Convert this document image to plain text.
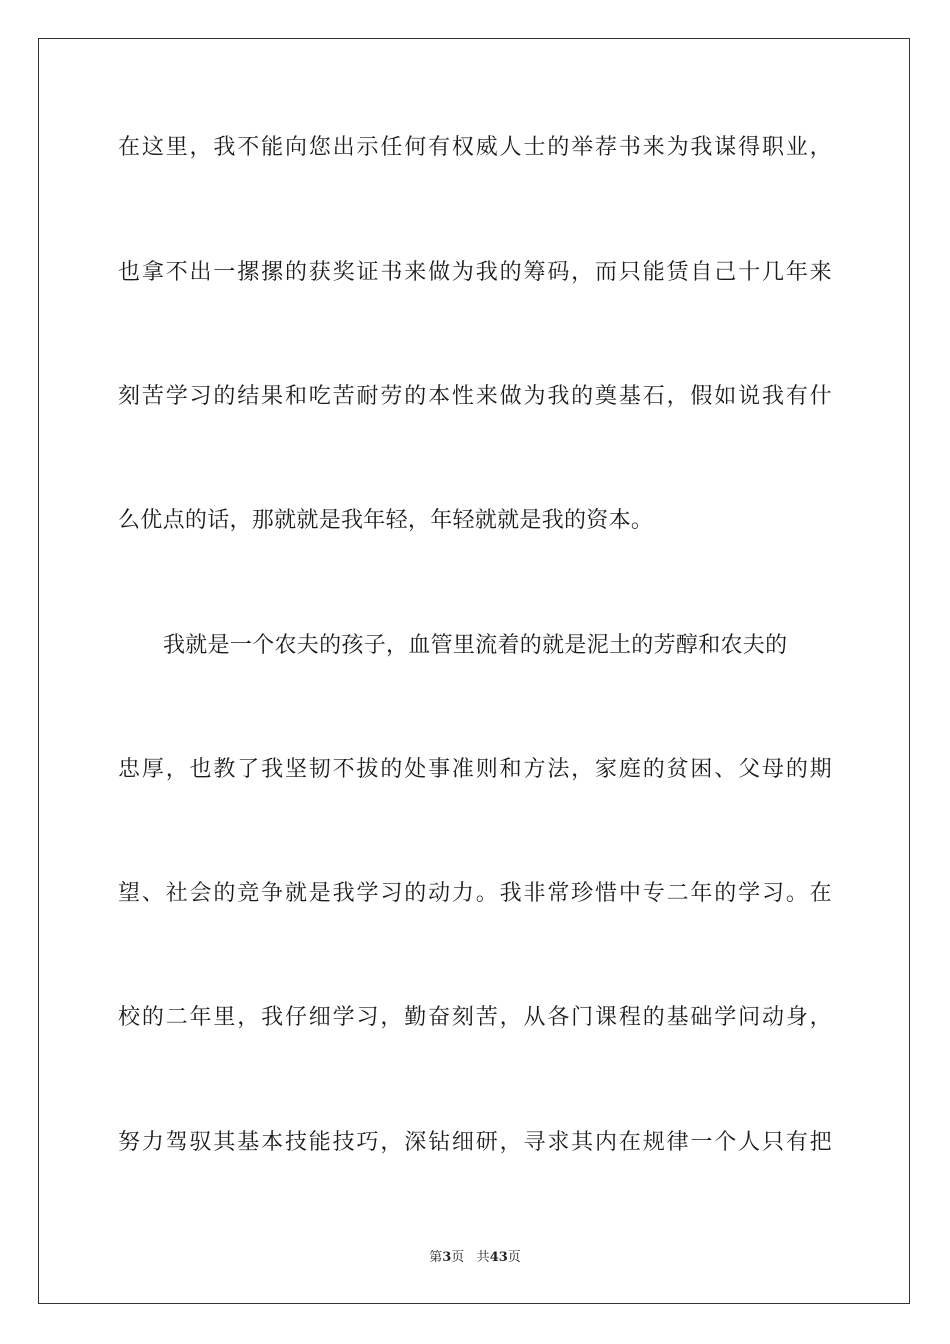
在这里，我不能向您出示任何有权威人士的举荐书来为我谋得职业，
也拿不出一摞摞的获奖证书来做为我的筹码，而只能赁自己十几年来
刻苦学习的结果和吃苦耐劳的本性来做为我的奠基石，假如说我有什
么优点的话，那就就是我年轻，年轻就就是我的资本。
我就是一个农夫的孩子，血管里流着的就是泥土的芳醇和农夫的
忠厚，也教了我坚韧不拔的处事准则和方法，家庭的贫困、父母的期
望、社会的竞争就是我学习的动力。我非常珍惜中专二年的学习。在
校的二年里，我仔细学习，勤奋刻苦，从各门课程的基础学问动身，
努力驾驭其基本技能技巧，深钻细研，寻求其内在规律一个人只有把
第3页 共43页
